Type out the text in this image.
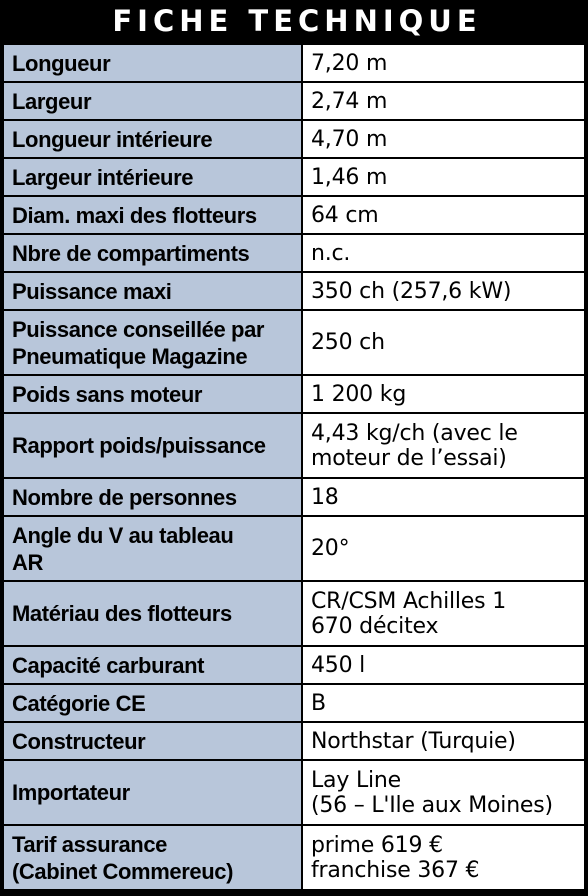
FICHE TECHNIQUE
Longueur	7,20 m
Largeur	2,74 m
Longueur intérieure	4,70 m
Largeur intérieure	1,46 m
Diam. maxi des flotteurs	64 cm
Nbre de compartiments	n.c.
Puissance maxi	350 ch (257,6 kW)
Puissance conseillée par
Pneumatique Magazine	250 ch
Poids sans moteur	1 200 kg
Rapport poids/puissance	4,43 kg/ch (avec le
moteur de l’essai)
Nombre de personnes	18
Angle du V au tableau
AR	20°
Matériau des flotteurs	CR/CSM Achilles 1
670 décitex
Capacité carburant	450 l
Catégorie CE	B
Constructeur	Northstar (Turquie)
Importateur	Lay Line
(56 – L'Ile aux Moines)
Tarif assurance
(Cabinet Commereuc)	prime 619 €
franchise 367 €
